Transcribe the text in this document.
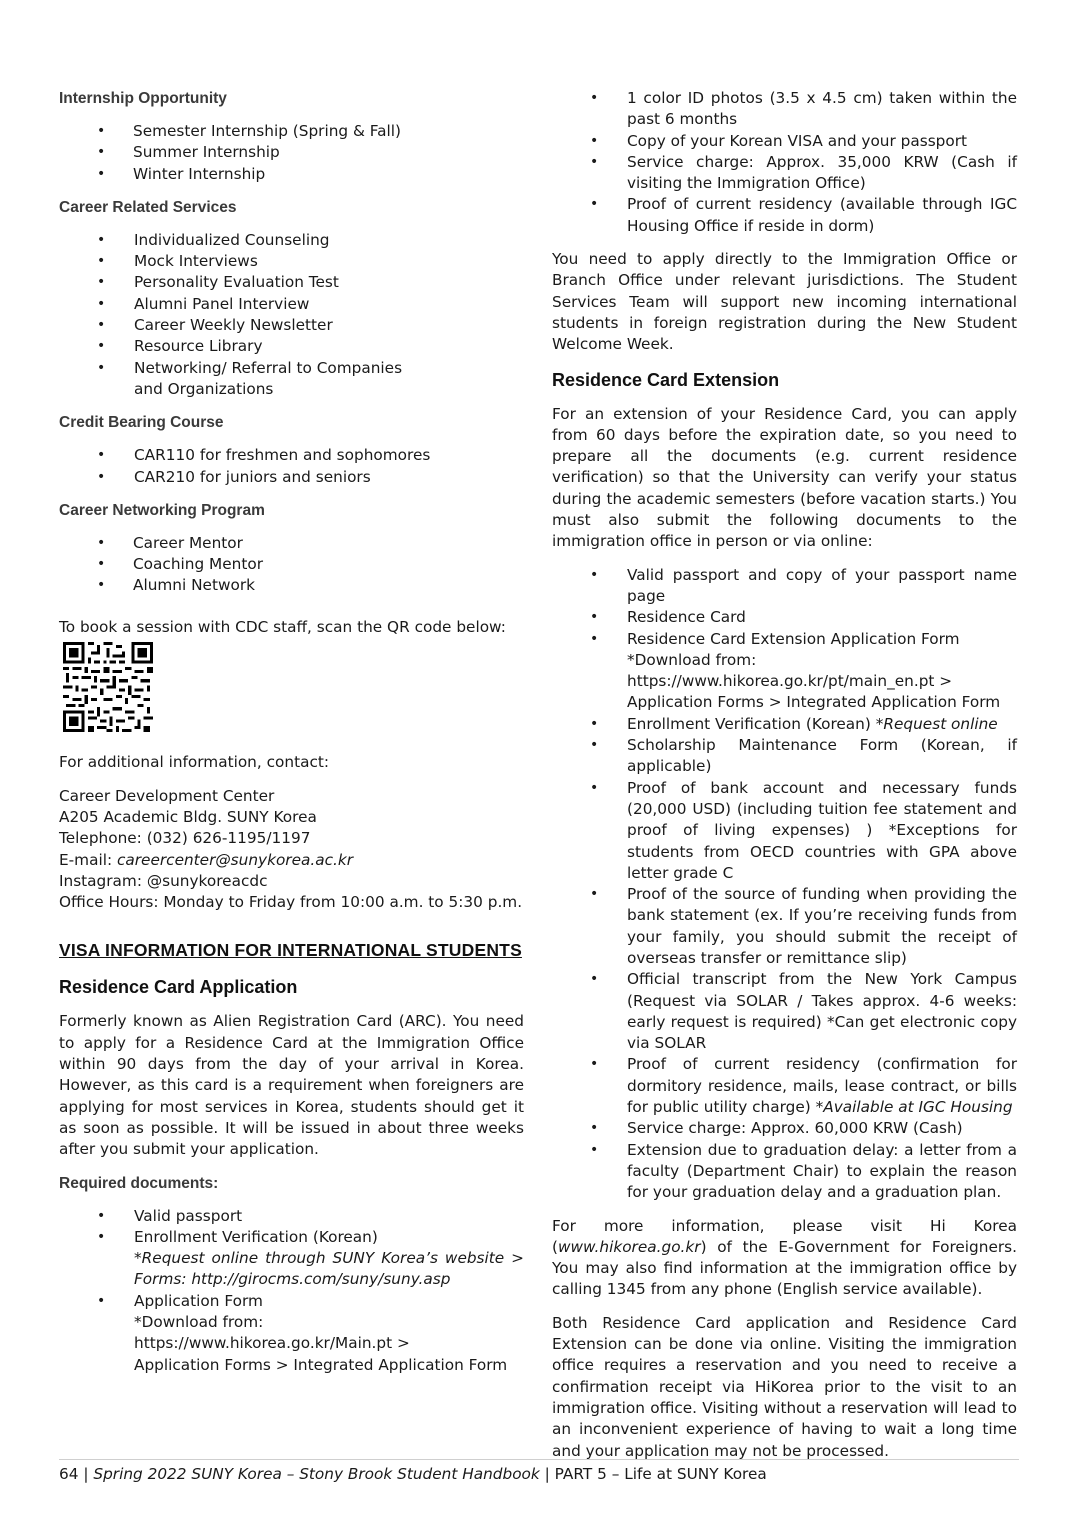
Internship Opportunity
• Semester Internship (Spring & Fall)
• Summer Internship
• Winter Internship
Career Related Services
• Individualized Counseling
• Mock Interviews
• Personality Evaluation Test
• Alumni Panel Interview
• Career Weekly Newsletter
• Resource Library
• Networking/ Referral to Companies and Organizations
Credit Bearing Course
• CAR110 for freshmen and sophomores
• CAR210 for juniors and seniors
Career Networking Program
• Career Mentor
• Coaching Mentor
• Alumni Network

To book a session with CDC staff, scan the QR code below:

For additional information, contact:

Career Development Center

A205 Academic Bldg. SUNY Korea

Telephone: (032) 626-1195/1197

E-mail: careercenter@sunykorea.ac.kr

Instagram: @sunykoreacdc

Office Hours: Monday to Friday from 10:00 a.m. to 5:30 p.m.

VISA INFORMATION FOR INTERNATIONAL STUDENTS
Residence Card Application

Formerly known as Alien Registration Card (ARC). You need to apply for a Residence Card at the Immigration Office within 90 days from the day of your arrival in Korea. However, as this card is a requirement when foreigners are applying for most services in Korea, students should get it as soon as possible. It will be issued in about three weeks after you submit your application.

Required documents:
• Valid passport
• Enrollment Verification (Korean)
*Request online through SUNY Korea’s website > Forms: http://girocms.com/suny/suny.asp
• Application Form
*Download from:
https://www.hikorea.go.kr/Main.pt >
Application Forms > Integrated Application Form
• 1 color ID photos (3.5 x 4.5 cm) taken within the past 6 months
• Copy of your Korean VISA and your passport
• Service charge: Approx. 35,000 KRW (Cash if visiting the Immigration Office)
• Proof of current residency (available through IGC Housing Office if reside in dorm)

You need to apply directly to the Immigration Office or Branch Office under relevant jurisdictions. The Student Services Team will support new incoming international students in foreign registration during the New Student Welcome Week.

Residence Card Extension

For an extension of your Residence Card, you can apply from 60 days before the expiration date, so you need to prepare all the documents (e.g. current residence verification) so that the University can verify your status during the academic semesters (before vacation starts.) You must also submit the following documents to the immigration office in person or via online:

• Valid passport and copy of your passport name page
• Residence Card
• Residence Card Extension Application Form
*Download from:
https://www.hikorea.go.kr/pt/main_en.pt >
Application Forms > Integrated Application Form
• Enrollment Verification (Korean) *Request online
• Scholarship Maintenance Form (Korean, if applicable)
• Proof of bank account and necessary funds (20,000 USD) (including tuition fee statement and proof of living expenses) ) *Exceptions for students from OECD countries with GPA above letter grade C
• Proof of the source of funding when providing the bank statement (ex. If you’re receiving funds from your family, you should submit the receipt of overseas transfer or remittance slip)
• Official transcript from the New York Campus (Request via SOLAR / Takes approx. 4-6 weeks: early request is required) *Can get electronic copy via SOLAR
• Proof of current residency (confirmation for dormitory residence, mails, lease contract, or bills for public utility charge) *Available at IGC Housing
• Service charge: Approx. 60,000 KRW (Cash)
• Extension due to graduation delay: a letter from a faculty (Department Chair) to explain the reason for your graduation delay and a graduation plan.

For more information, please visit Hi Korea (www.hikorea.go.kr) of the E-Government for Foreigners. You may also find information at the immigration office by calling 1345 from any phone (English service available).

Both Residence Card application and Residence Card Extension can be done via online. Visiting the immigration office requires a reservation and you need to receive a confirmation receipt via HiKorea prior to the visit to an immigration office. Visiting without a reservation will lead to an inconvenient experience of having to wait a long time and your application may not be processed.

64 | Spring 2022 SUNY Korea – Stony Brook Student Handbook | PART 5 – Life at SUNY Korea
